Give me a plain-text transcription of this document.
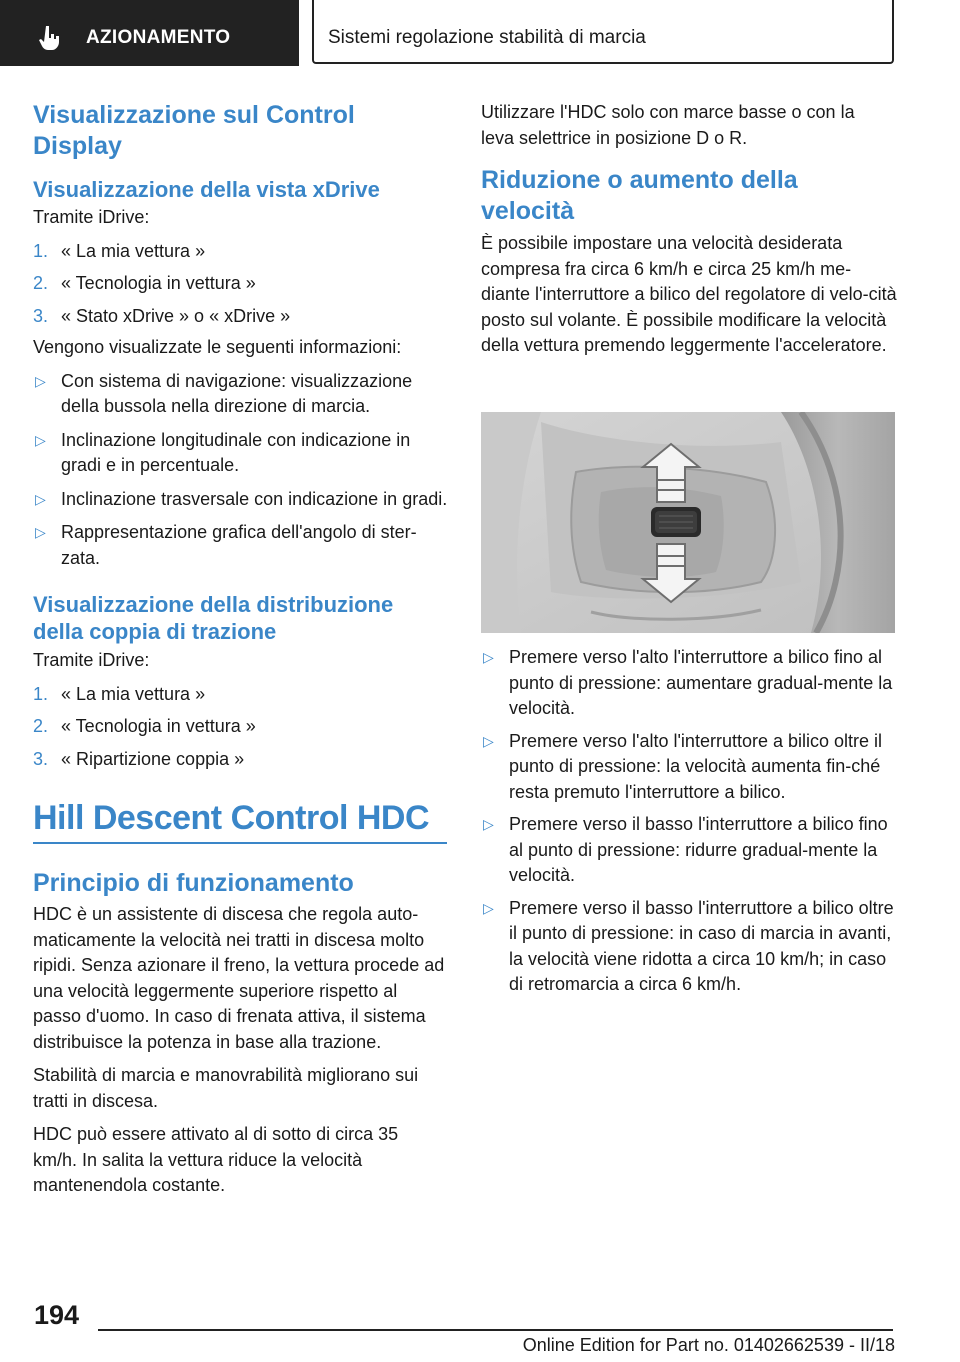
AZIONAMENTO	Sistemi regolazione stabilità di marcia
Visualizzazione sul Control Display
Visualizzazione della vista xDrive
Tramite iDrive:
1. « La mia vettura »
2. « Tecnologia in vettura »
3. « Stato xDrive » o « xDrive »
Vengono visualizzate le seguenti informazioni:
▷ Con sistema di navigazione: visualizzazione della bussola nella direzione di marcia.
▷ Inclinazione longitudinale con indicazione in gradi e in percentuale.
▷ Inclinazione trasversale con indicazione in gradi.
▷ Rappresentazione grafica dell'angolo di ster-zata.
Visualizzazione della distribuzione della coppia di trazione
Tramite iDrive:
1. « La mia vettura »
2. « Tecnologia in vettura »
3. « Ripartizione coppia »
Hill Descent Control HDC
Principio di funzionamento
HDC è un assistente di discesa che regola auto-maticamente la velocità nei tratti in discesa molto ripidi. Senza azionare il freno, la vettura procede ad una velocità leggermente superiore rispetto al passo d'uomo. In caso di frenata attiva, il sistema distribuisce la potenza in base alla trazione.
Stabilità di marcia e manovrabilità migliorano sui tratti in discesa.
HDC può essere attivato al di sotto di circa 35 km/h. In salita la vettura riduce la velocità mantenendola costante.
Utilizzare l'HDC solo con marce basse o con la leva selettrice in posizione D o R.
Riduzione o aumento della velocità
È possibile impostare una velocità desiderata compresa fra circa 6 km/h e circa 25 km/h me-diante l'interruttore a bilico del regolatore di velo-cità posto sul volante. È possibile modificare la velocità della vettura premendo leggermente l'acceleratore.
▷ Premere verso l'alto l'interruttore a bilico fino al punto di pressione: aumentare gradual-mente la velocità.
▷ Premere verso l'alto l'interruttore a bilico oltre il punto di pressione: la velocità aumenta fin-ché resta premuto l'interruttore a bilico.
▷ Premere verso il basso l'interruttore a bilico fino al punto di pressione: ridurre gradual-mente la velocità.
▷ Premere verso il basso l'interruttore a bilico oltre il punto di pressione: in caso di marcia in avanti, la velocità viene ridotta a circa 10 km/h; in caso di retromarcia a circa 6 km/h.
194
Online Edition for Part no. 01402662539 - II/18
